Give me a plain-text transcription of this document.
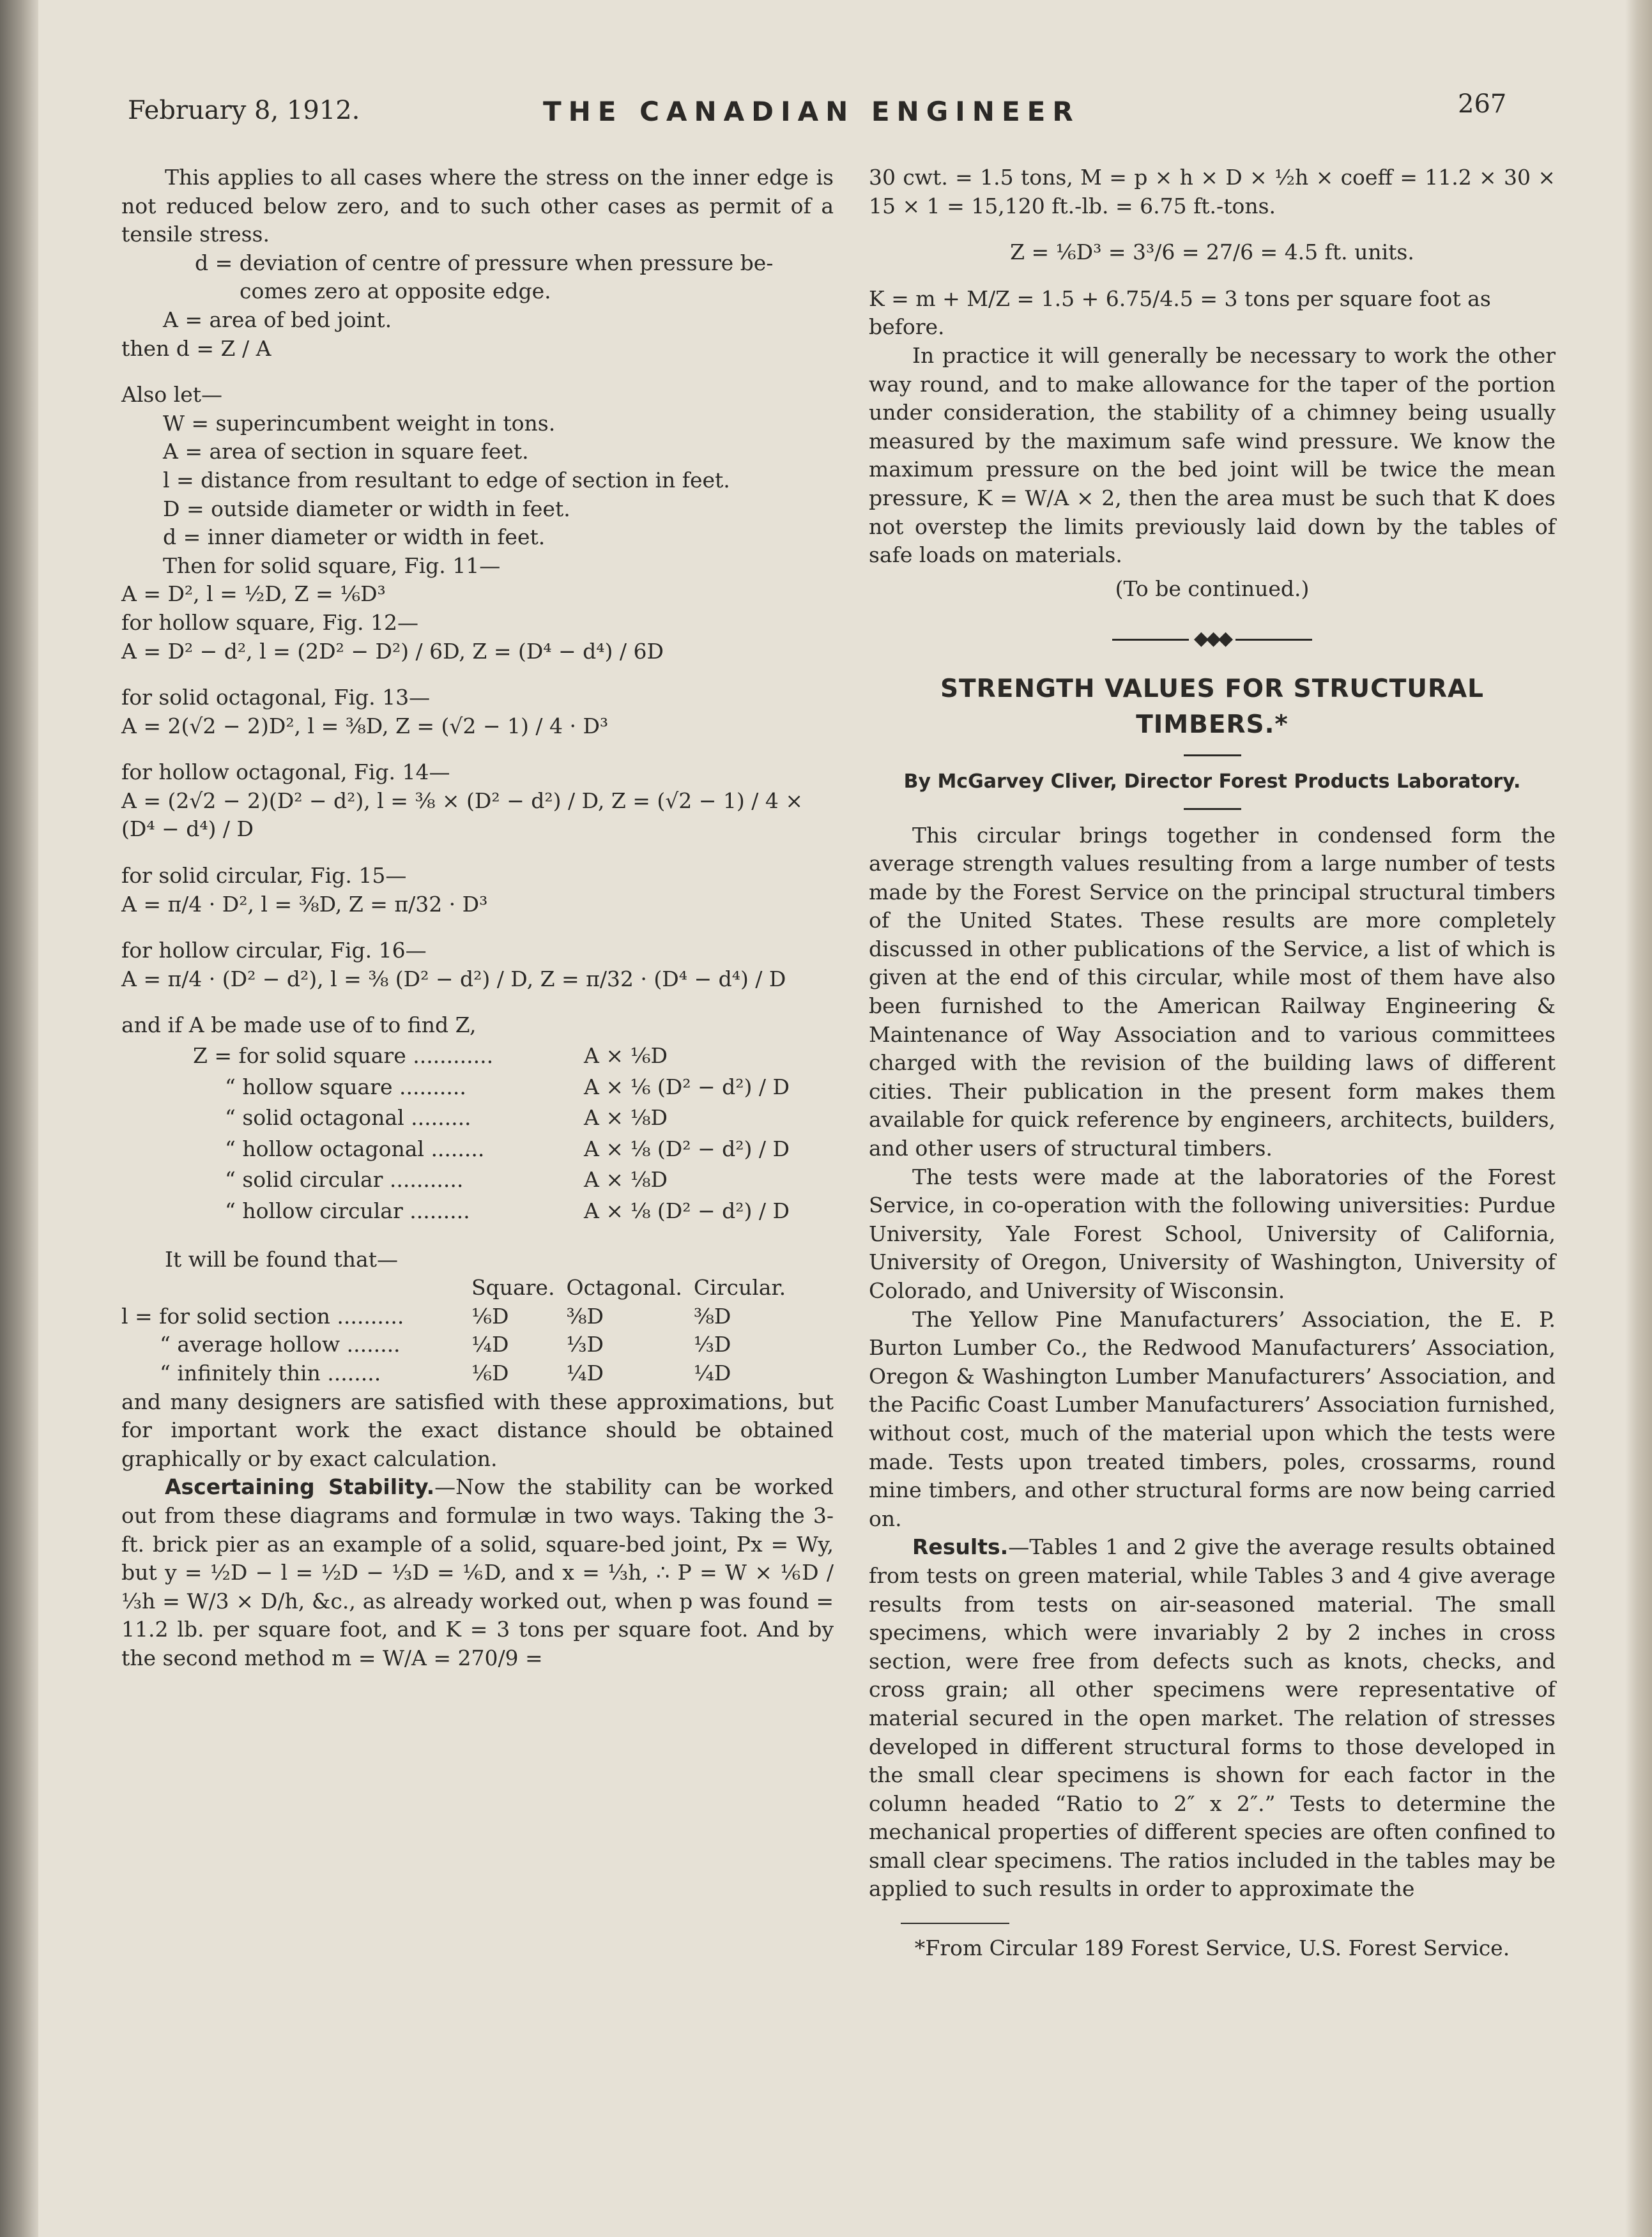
February 8, 1912.	THE CANADIAN ENGINEER	267

This applies to all cases where the stress on the inner edge is not reduced below zero, and to such other cases as permit of a tensile stress.

d = deviation of centre of pressure when pressure be-

comes zero at opposite edge.

A = area of bed joint.

then d = Z / A

Also let—

W = superincumbent weight in tons.

A = area of section in square feet.

l = distance from resultant to edge of section in feet.

D = outside diameter or width in feet.

d = inner diameter or width in feet.

Then for solid square, Fig. 11—

A = D², l = ½D, Z = ⅙D³

for hollow square, Fig. 12—

A = D² − d², l = (2D² − D²) / 6D, Z = (D⁴ − d⁴) / 6D

for solid octagonal, Fig. 13—

A = 2(√2 − 2)D², l = ⅜D, Z = (√2 − 1) / 4 · D³

for hollow octagonal, Fig. 14—

A = (2√2 − 2)(D² − d²), l = ⅜ × (D² − d²) / D, Z = (√2 − 1) / 4 × (D⁴ − d⁴) / D

for solid circular, Fig. 15—

A = π/4 · D², l = ⅜D, Z = π/32 · D³

for hollow circular, Fig. 16—

A = π/4 · (D² − d²), l = ⅜ (D² − d²) / D, Z = π/32 · (D⁴ − d⁴) / D

and if A be made use of to find Z,

Z = for solid square ............	A × ⅙D
“ hollow square ..........	A × ⅙ (D² − d²) / D
“ solid octagonal .........	A × ⅛D
“ hollow octagonal ........	A × ⅛ (D² − d²) / D
“ solid circular ...........	A × ⅛D
“ hollow circular .........	A × ⅛ (D² − d²) / D

It will be found that—

	Square.	Octagonal.	Circular.
l = for solid section ..........	⅙D	⅜D	⅜D
“ average hollow ........	¼D	⅓D	⅓D
“ infinitely thin ........	⅙D	¼D	¼D

and many designers are satisfied with these approximations, but for important work the exact distance should be obtained graphically or by exact calculation.

Ascertaining Stability.—Now the stability can be worked out from these diagrams and formulæ in two ways. Taking the 3-ft. brick pier as an example of a solid, square-bed joint, Px = Wy, but y = ½D − l = ½D − ⅓D = ⅙D, and x = ⅓h, ∴ P = W × ⅙D / ⅓h = W/3 × D/h, &c., as already worked out, when p was found = 11.2 lb. per square foot, and K = 3 tons per square foot. And by the second method m = W/A = 270/9 =

30 cwt. = 1.5 tons, M = p × h × D × ½h × coeff = 11.2 × 30 × 15 × 1 = 15,120 ft.-lb. = 6.75 ft.-tons.

Z = ⅙D³ = 3³/6 = 27/6 = 4.5 ft. units.

K = m + M/Z = 1.5 + 6.75/4.5 = 3 tons per square foot as

before.

In practice it will generally be necessary to work the other way round, and to make allowance for the taper of the portion under consideration, the stability of a chimney being usually measured by the maximum safe wind pressure. We know the maximum pressure on the bed joint will be twice the mean pressure, K = W/A × 2, then the area must be such that K does not overstep the limits previously laid down by the tables of safe loads on materials.

(To be continued.)

◆◆◆

STRENGTH VALUES FOR STRUCTURAL

TIMBERS.*

By McGarvey Cliver, Director Forest Products Laboratory.

This circular brings together in condensed form the average strength values resulting from a large number of tests made by the Forest Service on the principal structural timbers of the United States. These results are more completely discussed in other publications of the Service, a list of which is given at the end of this circular, while most of them have also been furnished to the American Railway Engineering & Maintenance of Way Association and to various committees charged with the revision of the building laws of different cities. Their publication in the present form makes them available for quick reference by engineers, architects, builders, and other users of structural timbers.

The tests were made at the laboratories of the Forest Service, in co-operation with the following universities: Purdue University, Yale Forest School, University of California, University of Oregon, University of Washington, University of Colorado, and University of Wisconsin.

The Yellow Pine Manufacturers’ Association, the E. P. Burton Lumber Co., the Redwood Manufacturers’ Association, Oregon & Washington Lumber Manufacturers’ Association, and the Pacific Coast Lumber Manufacturers’ Association furnished, without cost, much of the material upon which the tests were made. Tests upon treated timbers, poles, crossarms, round mine timbers, and other structural forms are now being carried on.

Results.—Tables 1 and 2 give the average results obtained from tests on green material, while Tables 3 and 4 give average results from tests on air-seasoned material. The small specimens, which were invariably 2 by 2 inches in cross section, were free from defects such as knots, checks, and cross grain; all other specimens were representative of material secured in the open market. The relation of stresses developed in different structural forms to those developed in the small clear specimens is shown for each factor in the column headed “Ratio to 2″ x 2″.” Tests to determine the mechanical properties of different species are often confined to small clear specimens. The ratios included in the tables may be applied to such results in order to approximate the

*From Circular 189 Forest Service, U.S. Forest Service.
